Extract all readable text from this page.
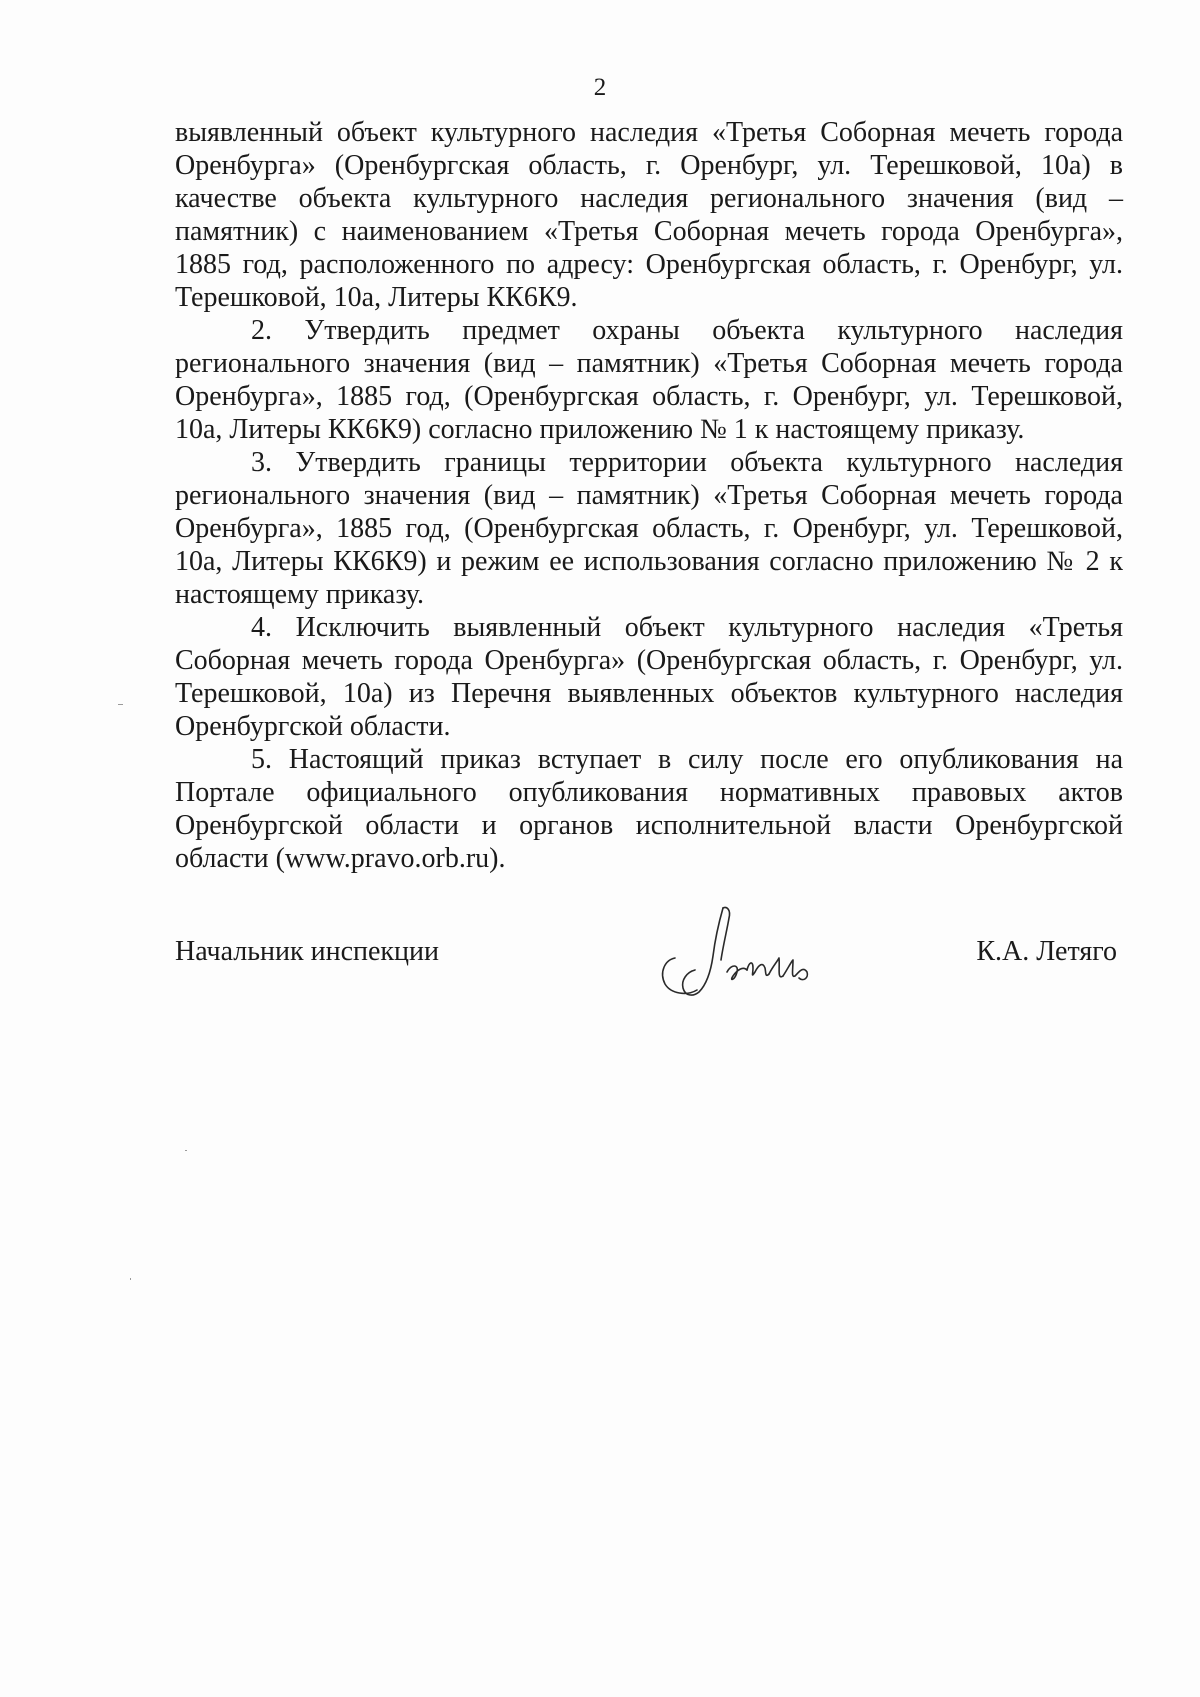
2

выявленный объект культурного наследия «Третья Соборная мечеть города Оренбурга» (Оренбургская область, г. Оренбург, ул. Терешковой, 10а) в качестве объекта культурного наследия регионального значения (вид – памятник) с наименованием «Третья Соборная мечеть города Оренбурга», 1885 год, расположенного по адресу: Оренбургская область, г. Оренбург, ул. Терешковой, 10а, Литеры КК6К9.

2. Утвердить предмет охраны объекта культурного наследия регионального значения (вид – памятник) «Третья Соборная мечеть города Оренбурга», 1885 год, (Оренбургская область, г. Оренбург, ул. Терешковой, 10а, Литеры КК6К9) согласно приложению № 1 к настоящему приказу.

3. Утвердить границы территории объекта культурного наследия регионального значения (вид – памятник) «Третья Соборная мечеть города Оренбурга», 1885 год, (Оренбургская область, г. Оренбург, ул. Терешковой, 10а, Литеры КК6К9) и режим ее использования согласно приложению № 2 к настоящему приказу.

4. Исключить выявленный объект культурного наследия «Третья Соборная мечеть города Оренбурга» (Оренбургская область, г. Оренбург, ул. Терешковой, 10а) из Перечня выявленных объектов культурного наследия Оренбургской области.

5. Настоящий приказ вступает в силу после его опубликования на Портале официального опубликования нормативных правовых актов Оренбургской области и органов исполнительной власти Оренбургской области (www.pravo.orb.ru).

Начальник инспекции	К.А. Летяго
